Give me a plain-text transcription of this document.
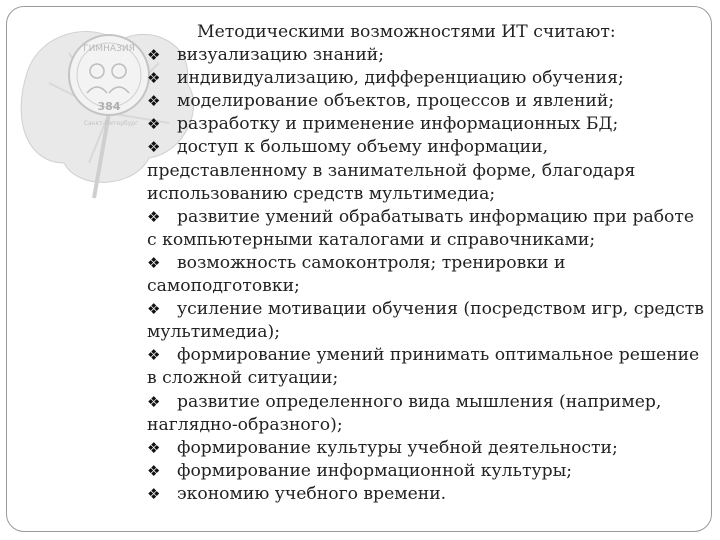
ГИМНАЗИЯ
384
Санкт-Петербург

Методическими возможностями ИТ считают:

❖ визуализацию знаний;

❖ индивидуализацию, дифференциацию обучения;

❖ моделирование объектов, процессов и явлений;

❖ разработку и применение информационных БД;

❖ доступ к большому объему информации, представленному в занимательной форме, благодаря использованию средств мультимедиа;

❖ развитие умений обрабатывать информацию при работе с компьютерными каталогами и справочниками;

❖ возможность самоконтроля; тренировки и самоподготовки;

❖ усиление мотивации обучения (посредством игр, средств мультимедиа);

❖ формирование умений принимать оптимальное решение в сложной ситуации;

❖ развитие определенного вида мышления (например, наглядно-образного);

❖ формирование культуры учебной деятельности;

❖ формирование информационной культуры;

❖ экономию учебного времени.
